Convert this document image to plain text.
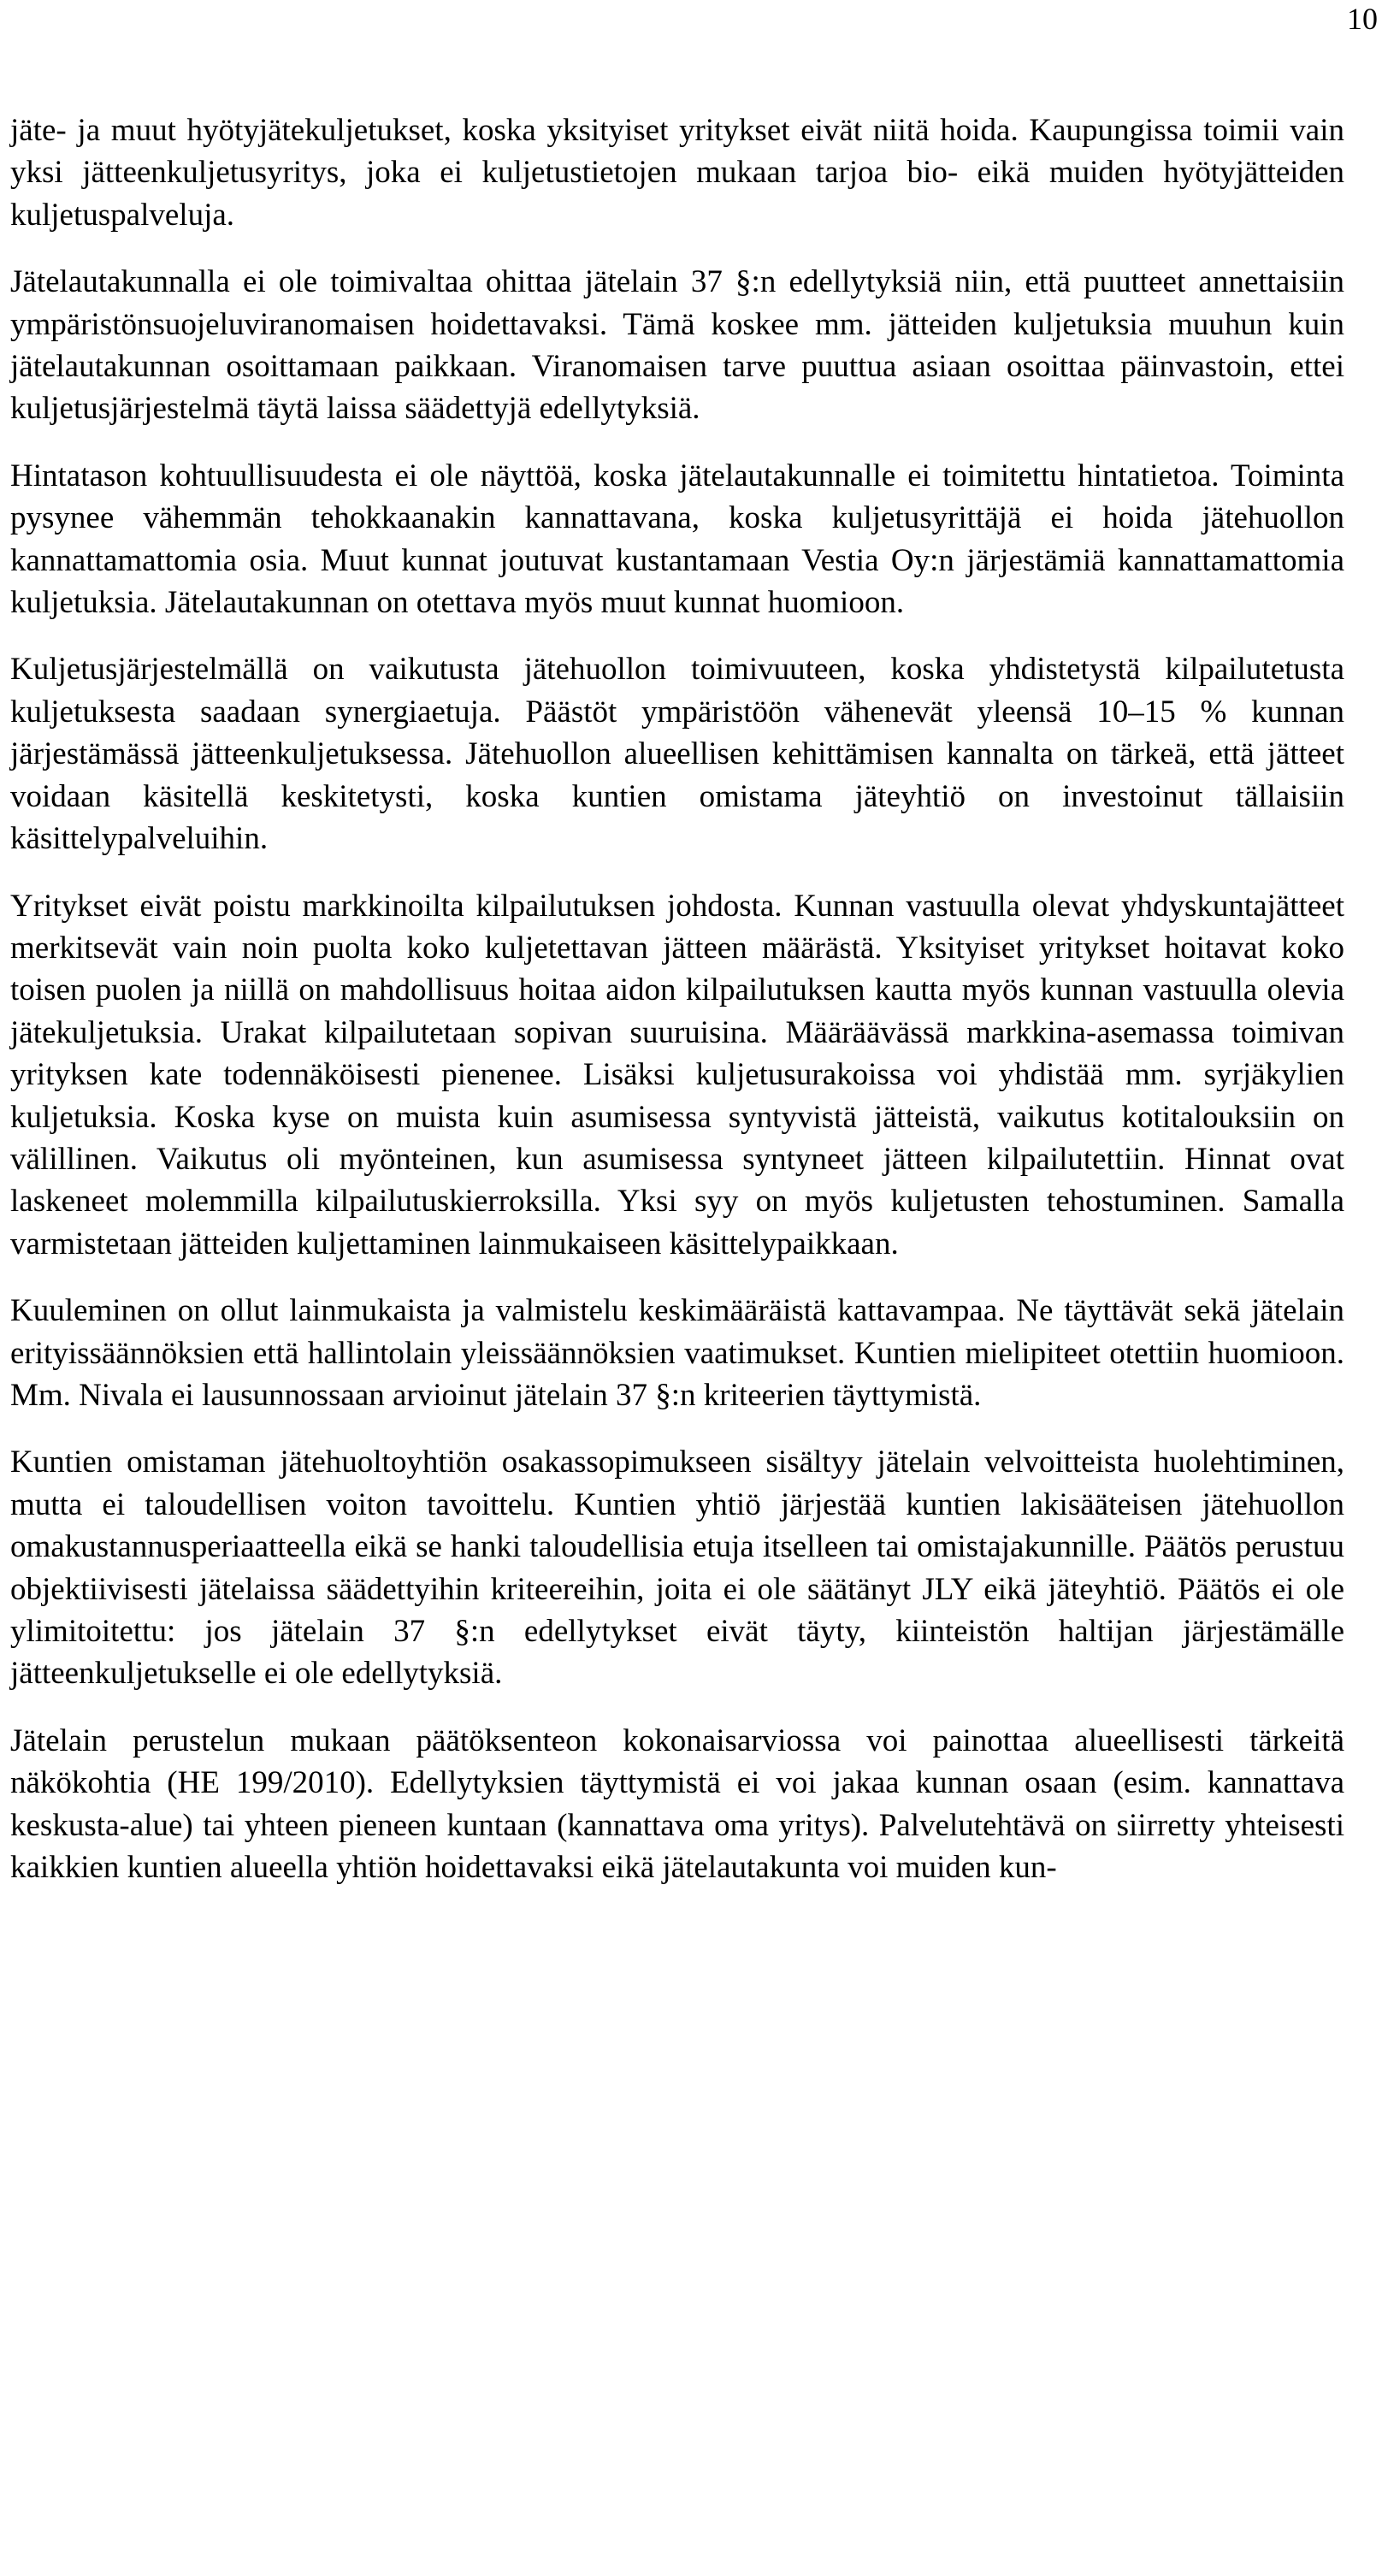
10

jäte- ja muut hyötyjätekuljetukset, koska yksityiset yritykset eivät niitä hoida. Kaupungissa toimii vain yksi jätteenkuljetusyritys, joka ei kuljetustietojen mukaan tarjoa bio- eikä muiden hyötyjätteiden kuljetuspalveluja.

Jätelautakunnalla ei ole toimivaltaa ohittaa jätelain 37 §:n edellytyksiä niin, että puutteet annettaisiin ympäristönsuojeluviranomaisen hoidettavaksi. Tämä koskee mm. jätteiden kuljetuksia muuhun kuin jätelautakunnan osoittamaan paikkaan. Viranomaisen tarve puuttua asiaan osoittaa päinvastoin, ettei kuljetusjärjestelmä täytä laissa säädettyjä edellytyksiä.

Hintatason kohtuullisuudesta ei ole näyttöä, koska jätelautakunnalle ei toimitettu hintatietoa. Toiminta pysynee vähemmän tehokkaanakin kannattavana, koska kuljetusyrittäjä ei hoida jätehuollon kannattamattomia osia. Muut kunnat joutuvat kustantamaan Vestia Oy:n järjestämiä kannattamattomia kuljetuksia. Jätelautakunnan on otettava myös muut kunnat huomioon.

Kuljetusjärjestelmällä on vaikutusta jätehuollon toimivuuteen, koska yhdistetystä kilpailutetusta kuljetuksesta saadaan synergiaetuja. Päästöt ympäristöön vähenevät yleensä 10–15 % kunnan järjestämässä jätteenkuljetuksessa. Jätehuollon alueellisen kehittämisen kannalta on tärkeä, että jätteet voidaan käsitellä keskitetysti, koska kuntien omistama jäteyhtiö on investoinut tällaisiin käsittelypalveluihin.

Yritykset eivät poistu markkinoilta kilpailutuksen johdosta. Kunnan vastuulla olevat yhdyskuntajätteet merkitsevät vain noin puolta koko kuljetettavan jätteen määrästä. Yksityiset yritykset hoitavat koko toisen puolen ja niillä on mahdollisuus hoitaa aidon kilpailutuksen kautta myös kunnan vastuulla olevia jätekuljetuksia. Urakat kilpailutetaan sopivan suuruisina. Määräävässä markkina-asemassa toimivan yrityksen kate todennäköisesti pienenee. Lisäksi kuljetusurakoissa voi yhdistää mm. syrjäkylien kuljetuksia. Koska kyse on muista kuin asumisessa syntyvistä jätteistä, vaikutus kotitalouksiin on välillinen. Vaikutus oli myönteinen, kun asumisessa syntyneet jätteen kilpailutettiin. Hinnat ovat laskeneet molemmilla kilpailutuskierroksilla. Yksi syy on myös kuljetusten tehostuminen. Samalla varmistetaan jätteiden kuljettaminen lainmukaiseen käsittelypaikkaan.

Kuuleminen on ollut lainmukaista ja valmistelu keskimääräistä kattavampaa. Ne täyttävät sekä jätelain erityissäännöksien että hallintolain yleissäännöksien vaatimukset. Kuntien mielipiteet otettiin huomioon. Mm. Nivala ei lausunnossaan arvioinut jätelain 37 §:n kriteerien täyttymistä.

Kuntien omistaman jätehuoltoyhtiön osakassopimukseen sisältyy jätelain velvoitteista huolehtiminen, mutta ei taloudellisen voiton tavoittelu. Kuntien yhtiö järjestää kuntien lakisääteisen jätehuollon omakustannusperiaatteella eikä se hanki taloudellisia etuja itselleen tai omistajakunnille. Päätös perustuu objektiivisesti jätelaissa säädettyihin kriteereihin, joita ei ole säätänyt JLY eikä jäteyhtiö. Päätös ei ole ylimitoitettu: jos jätelain 37 §:n edellytykset eivät täyty, kiinteistön haltijan järjestämälle jätteenkuljetukselle ei ole edellytyksiä.

Jätelain perustelun mukaan päätöksenteon kokonaisarviossa voi painottaa alueellisesti tärkeitä näkökohtia (HE 199/2010). Edellytyksien täyttymistä ei voi jakaa kunnan osaan (esim. kannattava keskusta-alue) tai yhteen pieneen kuntaan (kannattava oma yritys). Palvelutehtävä on siirretty yhteisesti kaikkien kuntien alueella yhtiön hoidettavaksi eikä jätelautakunta voi muiden kun-
